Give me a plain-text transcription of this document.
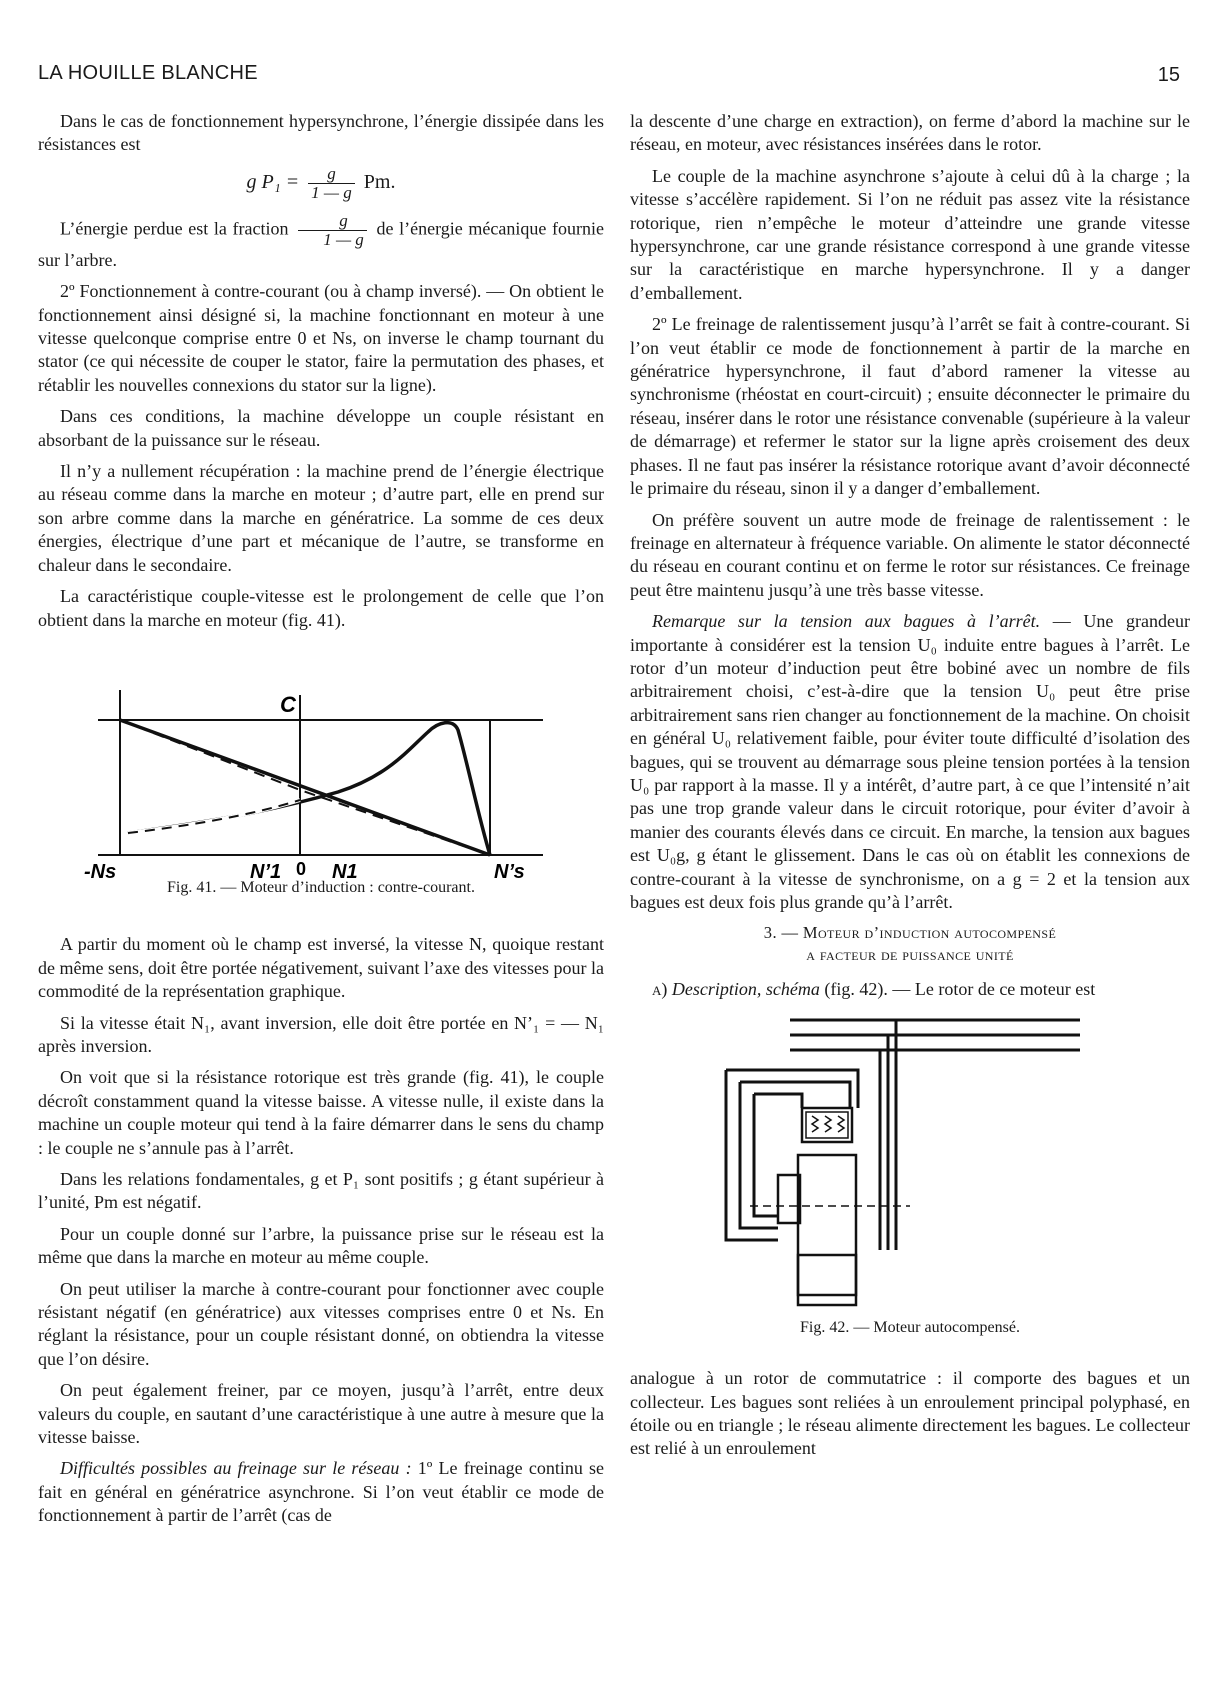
LA HOUILLE BLANCHE	15

Dans le cas de fonctionnement hypersynchrone, l’énergie dissipée dans les résistances est

g $P_1 = \frac{g}{1 — g} Pm$.

L’énergie perdue est la fraction $\frac{g}{1 — g}$ de l’énergie mécanique fournie sur l’arbre.

2º Fonctionnement à contre-courant (ou à champ inversé). — On obtient le fonctionnement ainsi désigné si, la machine fonctionnant en moteur à une vitesse quelconque comprise entre 0 et Ns, on inverse le champ tournant du stator (ce qui nécessite de couper le stator, faire la permutation des phases, et rétablir les nouvelles connexions du stator sur la ligne).

Dans ces conditions, la machine développe un couple résistant en absorbant de la puissance sur le réseau.

Il n’y a nullement récupération : la machine prend de l’énergie électrique au réseau comme dans la marche en moteur ; d’autre part, elle en prend sur son arbre comme dans la marche en génératrice. La somme de ces deux énergies, électrique d’une part et mécanique de l’autre, se transforme en chaleur dans le secondaire.

La caractéristique couple-vitesse est le prolongement de celle que l’on obtient dans la marche en moteur (fig. 41).

C
-Ns	N’1 0 N1	N’s
Fig. 41. — Moteur d’induction : contre-courant.

A partir du moment où le champ est inversé, la vitesse N, quoique restant de même sens, doit être portée négativement, suivant l’axe des vitesses pour la commodité de la représentation graphique.

Si la vitesse était N₁, avant inversion, elle doit être portée en N’₁ = — N₁ après inversion.

On voit que si la résistance rotorique est très grande (fig. 41), le couple décroît constamment quand la vitesse baisse. A vitesse nulle, il existe dans la machine un couple moteur qui tend à la faire démarrer dans le sens du champ : le couple ne s’annule pas à l’arrêt.

Dans les relations fondamentales, g et P₁ sont positifs ; g étant supérieur à l’unité, Pm est négatif.

Pour un couple donné sur l’arbre, la puissance prise sur le réseau est la même que dans la marche en moteur au même couple.

On peut utiliser la marche à contre-courant pour fonctionner avec couple résistant négatif (en génératrice) aux vitesses comprises entre 0 et Ns. En réglant la résistance, pour un couple résistant donné, on obtiendra la vitesse que l’on désire.

On peut également freiner, par ce moyen, jusqu’à l’arrêt, entre deux valeurs du couple, en sautant d’une caractéristique à une autre à mesure que la vitesse baisse.

Difficultés possibles au freinage sur le réseau : 1º Le freinage continu se fait en général en génératrice asynchrone. Si l’on veut établir ce mode de fonctionnement à partir de l’arrêt (cas de

la descente d’une charge en extraction), on ferme d’abord la machine sur le réseau, en moteur, avec résistances insérées dans le rotor.

Le couple de la machine asynchrone s’ajoute à celui dû à la charge ; la vitesse s’accélère rapidement. Si l’on ne réduit pas assez vite la résistance rotorique, rien n’empêche le moteur d’atteindre une grande vitesse hypersynchrone, car une grande résistance correspond à une grande vitesse sur la caractéristique en marche hypersynchrone. Il y a danger d’emballement.

2º Le freinage de ralentissement jusqu’à l’arrêt se fait à contre-courant. Si l’on veut établir ce mode de fonctionnement à partir de la marche en génératrice hypersynchrone, il faut d’abord ramener la vitesse au synchronisme (rhéostat en court-circuit) ; ensuite déconnecter le primaire du réseau, insérer dans le rotor une résistance convenable (supérieure à la valeur de démarrage) et refermer le stator sur la ligne après croisement des deux phases. Il ne faut pas insérer la résistance rotorique avant d’avoir déconnecté le primaire du réseau, sinon il y a danger d’emballement.

On préfère souvent un autre mode de freinage de ralentissement : le freinage en alternateur à fréquence variable. On alimente le stator déconnecté du réseau en courant continu et on ferme le rotor sur résistances. Ce freinage peut être maintenu jusqu’à une très basse vitesse.

Remarque sur la tension aux bagues à l’arrêt. — Une grandeur importante à considérer est la tension U₀ induite entre bagues à l’arrêt. Le rotor d’un moteur d’induction peut être bobiné avec un nombre de fils arbitrairement choisi, c’est-à-dire que la tension U₀ peut être prise arbitrairement sans rien changer au fonctionnement de la machine. On choisit en général U₀ relativement faible, pour éviter toute difficulté d’isolation des bagues, qui se trouvent au démarrage sous pleine tension portées à la tension U₀ par rapport à la masse. Il y a intérêt, d’autre part, à ce que l’intensité n’ait pas une trop grande valeur dans le circuit rotorique, pour éviter d’avoir à manier des courants élevés dans ce circuit. En marche, la tension aux bagues est U₀g, g étant le glissement. Dans le cas où on établit les connexions de contre-courant à la vitesse de synchronisme, on a g = 2 et la tension aux bagues est deux fois plus grande qu’à l’arrêt.

3. — Moteur d’induction autocompensé
a facteur de puissance unité

a) Description, schéma (fig. 42). — Le rotor de ce moteur est

Fig. 42. — Moteur autocompensé.

analogue à un rotor de commutatrice : il comporte des bagues et un collecteur. Les bagues sont reliées à un enroulement principal polyphasé, en étoile ou en triangle ; le réseau alimente directement les bagues. Le collecteur est relié à un enroulement
